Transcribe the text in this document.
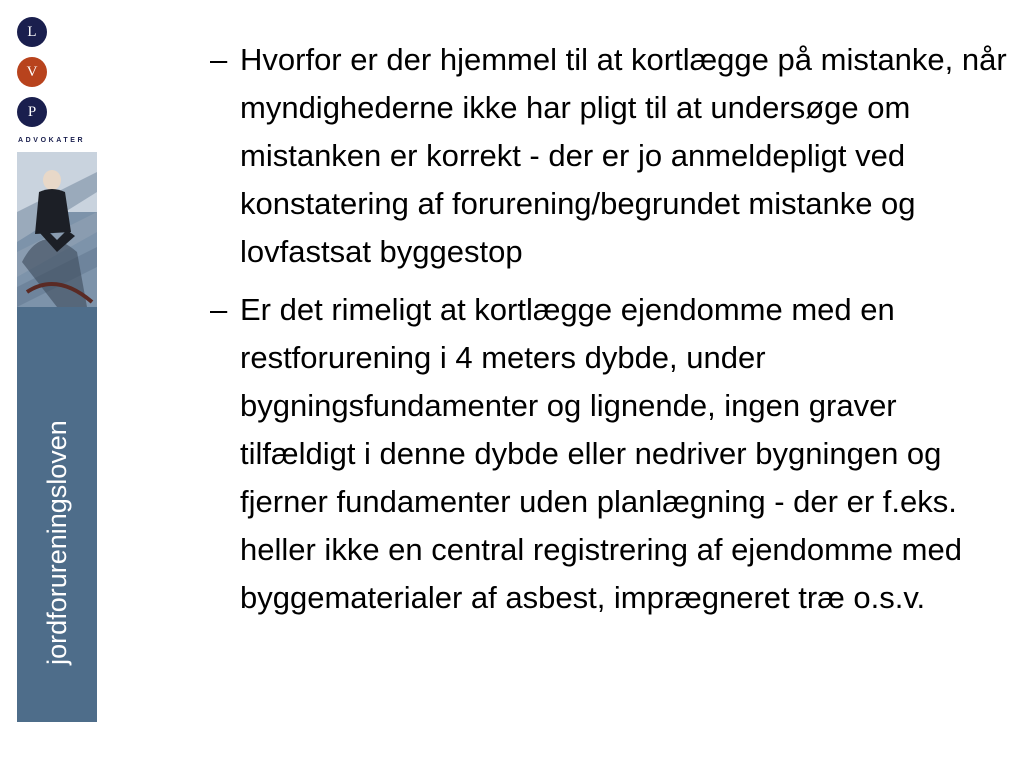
L
V
P
ADVOKATER
jordforureningsloven
– Hvorfor er der hjemmel til at kortlægge på mistanke, når myndighederne ikke har pligt til at undersøge om mistanken er korrekt - der er jo anmeldepligt ved konstatering af forurening/begrundet mistanke og lovfastsat byggestop
– Er det rimeligt at kortlægge ejendomme med en restforurening i 4 meters dybde, under bygningsfundamenter og lignende, ingen graver tilfældigt i denne dybde eller nedriver bygningen og fjerner fundamenter uden planlægning - der er f.eks. heller ikke en central registrering af ejendomme med byggematerialer af asbest, imprægneret træ o.s.v.
